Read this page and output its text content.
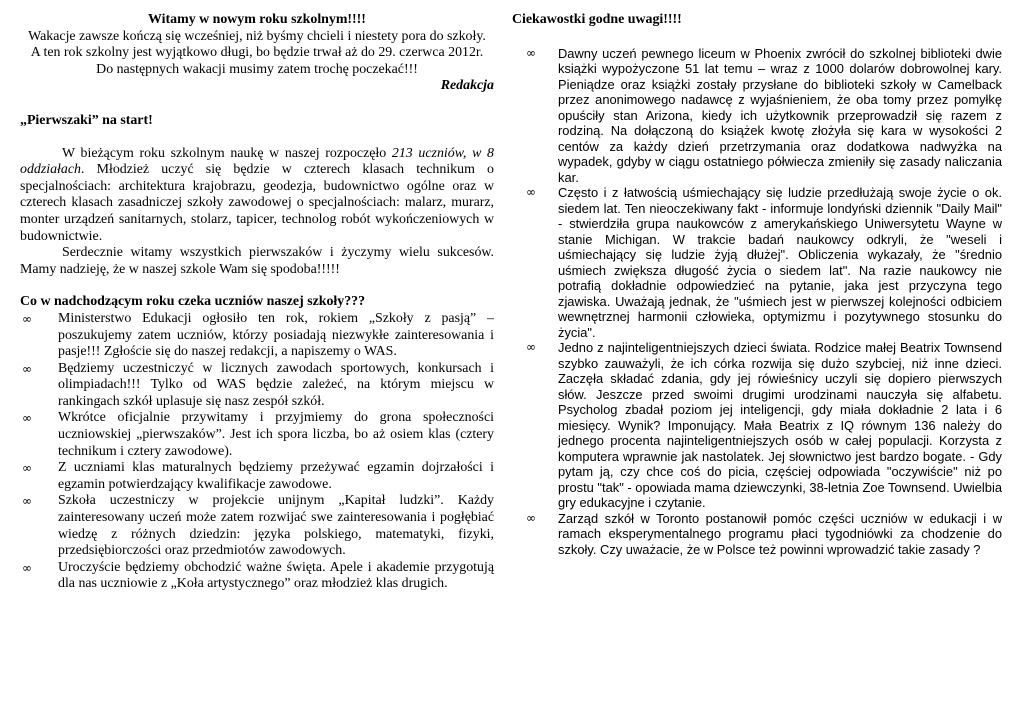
Witamy w nowym roku szkolnym!!!!

Wakacje zawsze kończą się wcześniej, niż byśmy chcieli i niestety pora do szkoły.

A ten rok szkolny jest wyjątkowo długi, bo będzie trwał aż do 29. czerwca 2012r.

Do następnych wakacji musimy zatem trochę poczekać!!!

Redakcja

„Pierwszaki” na start!

W bieżącym roku szkolnym naukę w naszej rozpoczęło 213 uczniów, w 8 oddziałach. Młodzież uczyć się będzie w czterech klasach technikum o specjalnościach: architektura krajobrazu, geodezja, budownictwo ogólne oraz w czterech klasach zasadniczej szkoły zawodowej o specjalnościach: malarz, murarz, monter urządzeń sanitarnych, stolarz, tapicer, technolog robót wykończeniowych w budownictwie.

Serdecznie witamy wszystkich pierwszaków i życzymy wielu sukcesów. Mamy nadzieję, że w naszej szkole Wam się spodoba!!!!!

Co w nadchodzącym roku czeka uczniów naszej szkoły???
∞ Ministerstwo Edukacji ogłosiło ten rok, rokiem „Szkoły z pasją” – poszukujemy zatem uczniów, którzy posiadają niezwykłe zainteresowania i pasje!!! Zgłoście się do naszej redakcji, a napiszemy o WAS.
∞ Będziemy uczestniczyć w licznych zawodach sportowych, konkursach i olimpiadach!!! Tylko od WAS będzie zależeć, na którym miejscu w rankingach szkół uplasuje się nasz zespół szkół.
∞ Wkrótce oficjalnie przywitamy i przyjmiemy do grona społeczności uczniowskiej „pierwszaków”. Jest ich spora liczba, bo aż osiem klas (cztery technikum i cztery zawodowe).
∞ Z uczniami klas maturalnych będziemy przeżywać egzamin dojrzałości i egzamin potwierdzający kwalifikacje zawodowe.
∞ Szkoła uczestniczy w projekcie unijnym „Kapitał ludzki”. Każdy zainteresowany uczeń może zatem rozwijać swe zainteresowania i pogłębiać wiedzę z różnych dziedzin: języka polskiego, matematyki, fizyki, przedsiębiorczości oraz przedmiotów zawodowych.
∞ Uroczyście będziemy obchodzić ważne święta. Apele i akademie przygotują dla nas uczniowie z „Koła artystycznego” oraz młodzież klas drugich.
Ciekawostki godne uwagi!!!!
∞ Dawny uczeń pewnego liceum w Phoenix zwrócił do szkolnej biblioteki dwie książki wypożyczone 51 lat temu – wraz z 1000 dolarów dobrowolnej kary. Pieniądze oraz książki zostały przysłane do biblioteki szkoły w Camelback przez anonimowego nadawcę z wyjaśnieniem, że oba tomy przez pomyłkę opuściły stan Arizona, kiedy ich użytkownik przeprowadził się razem z rodziną. Na dołączoną do książek kwotę złożyła się kara w wysokości 2 centów za każdy dzień przetrzymania oraz dodatkowa nadwyżka na wypadek, gdyby w ciągu ostatniego półwiecza zmieniły się zasady naliczania kar.
∞ Często i z łatwością uśmiechający się ludzie przedłużają swoje życie o ok. siedem lat. Ten nieoczekiwany fakt - informuje londyński dziennik "Daily Mail" - stwierdziła grupa naukowców z amerykańskiego Uniwersytetu Wayne w stanie Michigan. W trakcie badań naukowcy odkryli, że "weseli i uśmiechający się ludzie żyją dłużej". Obliczenia wykazały, że "średnio uśmiech zwiększa długość życia o siedem lat". Na razie naukowcy nie potrafią dokładnie odpowiedzieć na pytanie, jaka jest przyczyna tego zjawiska. Uważają jednak, że "uśmiech jest w pierwszej kolejności odbiciem wewnętrznej harmonii człowieka, optymizmu i pozytywnego stosunku do życia".
∞ Jedno z najinteligentniejszych dzieci świata. Rodzice małej Beatrix Townsend szybko zauważyli, że ich córka rozwija się dużo szybciej, niż inne dzieci. Zaczęła składać zdania, gdy jej rówieśnicy uczyli się dopiero pierwszych słów. Jeszcze przed swoimi drugimi urodzinami nauczyła się alfabetu. Psycholog zbadał poziom jej inteligencji, gdy miała dokładnie 2 lata i 6 miesięcy. Wynik? Imponujący. Mała Beatrix z IQ równym 136 należy do jednego procenta najinteligentniejszych osób w całej populacji. Korzysta z komputera wprawnie jak nastolatek. Jej słownictwo jest bardzo bogate. - Gdy pytam ją, czy chce coś do picia, częściej odpowiada "oczywiście" niż po prostu "tak" - opowiada mama dziewczynki, 38-letnia Zoe Townsend. Uwielbia gry edukacyjne i czytanie.
∞ Zarząd szkół w Toronto postanowił pomóc części uczniów w edukacji i w ramach eksperymentalnego programu płaci tygodniówki za chodzenie do szkoły. Czy uważacie, że w Polsce też powinni wprowadzić takie zasady ?
